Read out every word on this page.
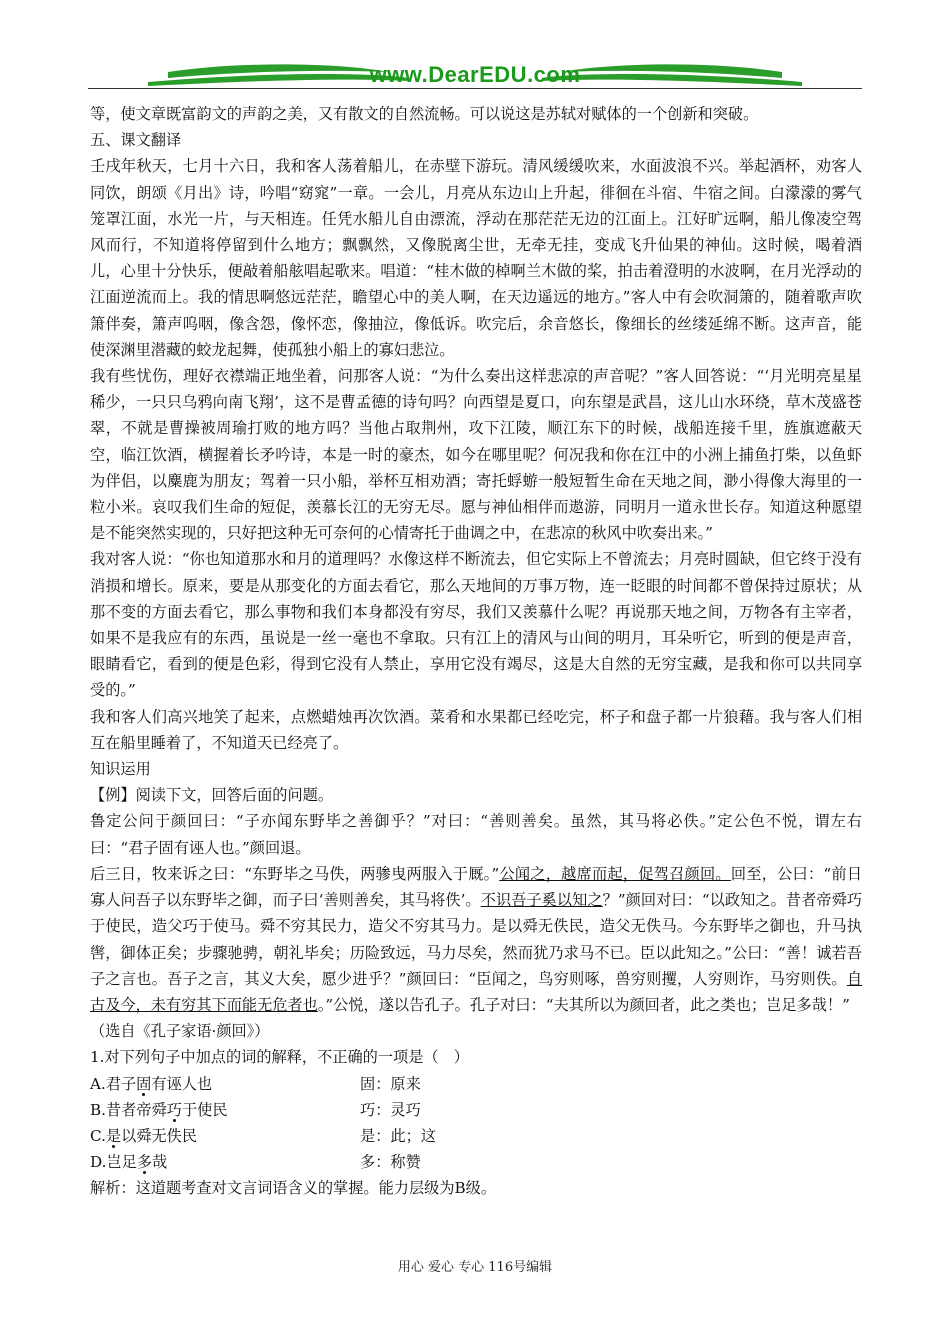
www.DearEDU.com

等，使文章既富韵文的声韵之美，又有散文的自然流畅。可以说这是苏轼对赋体的一个创新和突破。

五、课文翻译

壬戌年秋天，七月十六日，我和客人荡着船儿，在赤壁下游玩。清风缓缓吹来，水面波浪不兴。举起酒杯，劝客人同饮，朗颂《月出》诗，吟唱“窈窕”一章。一会儿，月亮从东边山上升起，徘徊在斗宿、牛宿之间。白濛濛的雾气笼罩江面，水光一片，与天相连。任凭水船儿自由漂流，浮动在那茫茫无边的江面上。江好旷远啊，船儿像凌空驾风而行，不知道将停留到什么地方；飘飘然，又像脱离尘世，无牵无挂，变成飞升仙果的神仙。这时候，喝着酒儿，心里十分快乐，便敲着船舷唱起歌来。唱道：“桂木做的棹啊兰木做的桨，拍击着澄明的水波啊，在月光浮动的江面逆流而上。我的情思啊悠远茫茫，瞻望心中的美人啊，在天边遥远的地方。”客人中有会吹洞箫的，随着歌声吹箫伴奏，箫声呜咽，像含怨，像怀恋，像抽泣，像低诉。吹完后，余音悠长，像细长的丝缕延绵不断。这声音，能使深渊里潜藏的蛟龙起舞，使孤独小船上的寡妇悲泣。

我有些忧伤，理好衣襟端正地坐着，问那客人说：“为什么奏出这样悲凉的声音呢？”客人回答说：“‘月光明亮星星稀少，一只只乌鸦向南飞翔’，这不是曹孟德的诗句吗？向西望是夏口，向东望是武昌，这儿山水环绕，草木茂盛苍翠，不就是曹操被周瑜打败的地方吗？当他占取荆州，攻下江陵，顺江东下的时候，战船连接千里，旌旗遮蔽天空，临江饮酒，横握着长矛吟诗，本是一时的豪杰，如今在哪里呢？何况我和你在江中的小洲上捕鱼打柴，以鱼虾为伴侣，以麋鹿为朋友；驾着一只小船，举杯互相劝酒；寄托蜉蝣一般短暂生命在天地之间，渺小得像大海里的一粒小米。哀叹我们生命的短促，羡慕长江的无穷无尽。愿与神仙相伴而遨游，同明月一道永世长存。知道这种愿望是不能突然实现的，只好把这种无可奈何的心情寄托于曲调之中，在悲凉的秋风中吹奏出来。”

我对客人说：“你也知道那水和月的道理吗？水像这样不断流去，但它实际上不曾流去；月亮时圆缺，但它终于没有消损和增长。原来，要是从那变化的方面去看它，那么天地间的万事万物，连一眨眼的时间都不曾保持过原状；从那不变的方面去看它，那么事物和我们本身都没有穷尽，我们又羡慕什么呢？再说那天地之间，万物各有主宰者，如果不是我应有的东西，虽说是一丝一毫也不拿取。只有江上的清风与山间的明月，耳朵听它，听到的便是声音，眼睛看它，看到的便是色彩，得到它没有人禁止，享用它没有竭尽，这是大自然的无穷宝藏，是我和你可以共同享受的。”

我和客人们高兴地笑了起来，点燃蜡烛再次饮酒。菜肴和水果都已经吃完，杯子和盘子都一片狼藉。我与客人们相互在船里睡着了，不知道天已经亮了。

知识运用

【例】阅读下文，回答后面的问题。

鲁定公问于颜回曰：“子亦闻东野毕之善御乎？”对曰：“善则善矣。虽然，其马将必佚。”定公色不悦，谓左右曰：“君子固有诬人也。”颜回退。

后三日，牧来诉之曰：“东野毕之马佚，两骖曳两服入于厩。”公闻之，越席而起，促驾召颜回。回至，公曰：“前日寡人问吾子以东野毕之御，而子曰‘善则善矣，其马将佚’。不识吾子奚以知之？”颜回对曰：“以政知之。昔者帝舜巧于使民，造父巧于使马。舜不穷其民力，造父不穷其马力。是以舜无佚民，造父无佚马。今东野毕之御也，升马执辔，御体正矣；步骤驰骋，朝礼毕矣；历险致远，马力尽矣，然而犹乃求马不已。臣以此知之。”公曰：“善！诚若吾子之言也。吾子之言，其义大矣，愿少进乎？”颜回曰：“臣闻之，鸟穷则啄，兽穷则攫，人穷则诈，马穷则佚。自古及今，未有穷其下而能无危者也。”公悦，遂以告孔子。孔子对曰：“夫其所以为颜回者，此之类也；岂足多哉！”

（选自《孔子家语·颜回》）

1.对下列句子中加点的词的解释，不正确的一项是（　）

A.君子固有诬人也	固：原来
B.昔者帝舜巧于使民	巧：灵巧
C.是以舜无佚民	是：此；这
D.岂足多哉	多：称赞

解析：这道题考查对文言词语含义的掌握。能力层级为B级。

用心 爱心 专心 116号编辑
